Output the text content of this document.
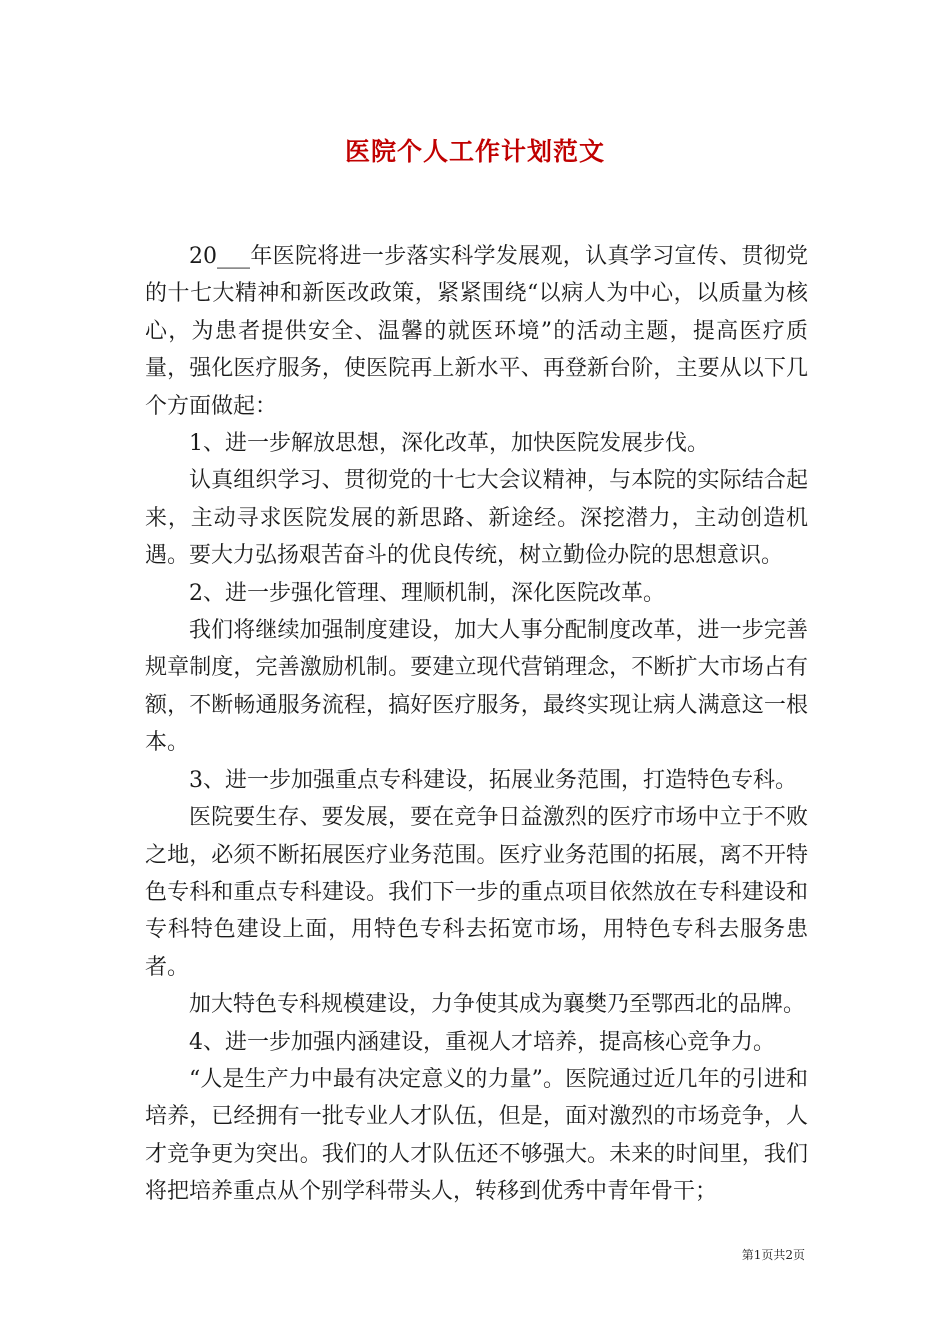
医院个人工作计划范文

20___年医院将进一步落实科学发展观，认真学习宣传、贯彻党的十七大精神和新医改政策，紧紧围绕“以病人为中心，以质量为核心，为患者提供安全、温馨的就医环境”的活动主题，提高医疗质量，强化医疗服务，使医院再上新水平、再登新台阶，主要从以下几个方面做起：

1、进一步解放思想，深化改革，加快医院发展步伐。

认真组织学习、贯彻党的十七大会议精神，与本院的实际结合起来，主动寻求医院发展的新思路、新途经。深挖潜力，主动创造机遇。要大力弘扬艰苦奋斗的优良传统，树立勤俭办院的思想意识。

2、进一步强化管理、理顺机制，深化医院改革。

我们将继续加强制度建设，加大人事分配制度改革，进一步完善规章制度，完善激励机制。要建立现代营销理念，不断扩大市场占有额，不断畅通服务流程，搞好医疗服务，最终实现让病人满意这一根本。

3、进一步加强重点专科建设，拓展业务范围，打造特色专科。

医院要生存、要发展，要在竞争日益激烈的医疗市场中立于不败之地，必须不断拓展医疗业务范围。医疗业务范围的拓展，离不开特色专科和重点专科建设。我们下一步的重点项目依然放在专科建设和专科特色建设上面，用特色专科去拓宽市场，用特色专科去服务患者。

加大特色专科规模建设，力争使其成为襄樊乃至鄂西北的品牌。

4、进一步加强内涵建设，重视人才培养，提高核心竞争力。

“人是生产力中最有决定意义的力量”。医院通过近几年的引进和培养，已经拥有一批专业人才队伍，但是，面对激烈的市场竞争，人才竞争更为突出。我们的人才队伍还不够强大。未来的时间里，我们将把培养重点从个别学科带头人，转移到优秀中青年骨干；

第1页共2页
